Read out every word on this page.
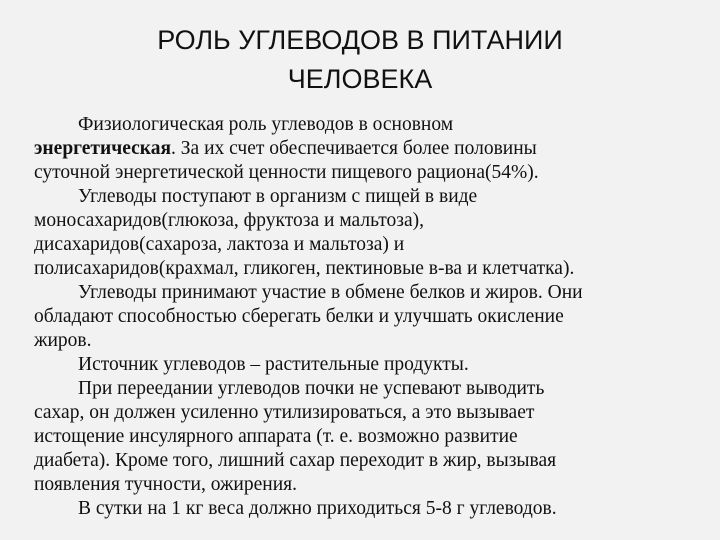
РОЛЬ УГЛЕВОДОВ В ПИТАНИИ
ЧЕЛОВЕКА

Физиологическая роль углеводов в основном
энергетическая. За их счет обеспечивается более половины
суточной энергетической ценности пищевого рациона(54%).

Углеводы поступают в организм с пищей в виде
моносахаридов(глюкоза, фруктоза и мальтоза),
дисахаридов(сахароза, лактоза и мальтоза) и
полисахаридов(крахмал, гликоген, пектиновые в-ва и клетчатка).

Углеводы принимают участие в обмене белков и жиров. Они
обладают способностью сберегать белки и улучшать окисление
жиров.

Источник углеводов – растительные продукты.

При переедании углеводов почки не успевают выводить
сахар, он должен усиленно утилизироваться, а это вызывает
истощение инсулярного аппарата (т. е. возможно развитие
диабета). Кроме того, лишний сахар переходит в жир, вызывая
появления тучности, ожирения.

В сутки на 1 кг веса должно приходиться 5-8 г углеводов.
